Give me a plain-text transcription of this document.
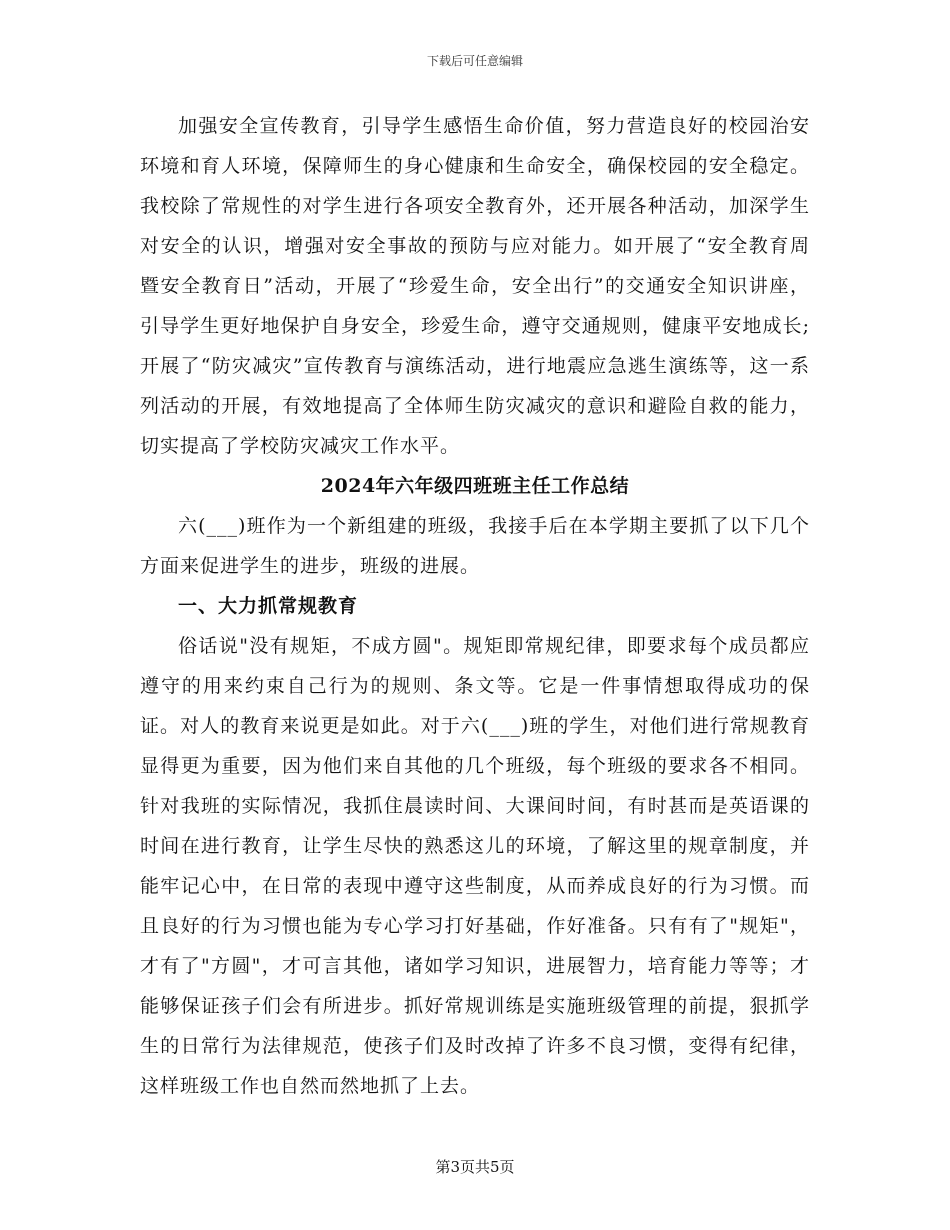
下载后可任意编辑

加强安全宣传教育，引导学生感悟生命价值，努力营造良好的校园治安环境和育人环境，保障师生的身心健康和生命安全，确保校园的安全稳定。我校除了常规性的对学生进行各项安全教育外，还开展各种活动，加深学生对安全的认识，增强对安全事故的预防与应对能力。如开展了“安全教育周暨安全教育日”活动，开展了“珍爱生命，安全出行”的交通安全知识讲座，引导学生更好地保护自身安全，珍爱生命，遵守交通规则，健康平安地成长;开展了“防灾减灾”宣传教育与演练活动，进行地震应急逃生演练等，这一系列活动的开展，有效地提高了全体师生防灾减灾的意识和避险自救的能力，切实提高了学校防灾减灾工作水平。

2024年六年级四班班主任工作总结

六(___)班作为一个新组建的班级，我接手后在本学期主要抓了以下几个方面来促进学生的进步，班级的进展。

一、大力抓常规教育

俗话说"没有规矩，不成方圆"。规矩即常规纪律，即要求每个成员都应遵守的用来约束自己行为的规则、条文等。它是一件事情想取得成功的保证。对人的教育来说更是如此。对于六(___)班的学生，对他们进行常规教育显得更为重要，因为他们来自其他的几个班级，每个班级的要求各不相同。针对我班的实际情况，我抓住晨读时间、大课间时间，有时甚而是英语课的时间在进行教育，让学生尽快的熟悉这儿的环境，了解这里的规章制度，并能牢记心中，在日常的表现中遵守这些制度，从而养成良好的行为习惯。而且良好的行为习惯也能为专心学习打好基础，作好准备。只有有了"规矩"，才有了"方圆"，才可言其他，诸如学习知识，进展智力，培育能力等等；才能够保证孩子们会有所进步。抓好常规训练是实施班级管理的前提，狠抓学生的日常行为法律规范，使孩子们及时改掉了许多不良习惯，变得有纪律，这样班级工作也自然而然地抓了上去。

第3页共5页
